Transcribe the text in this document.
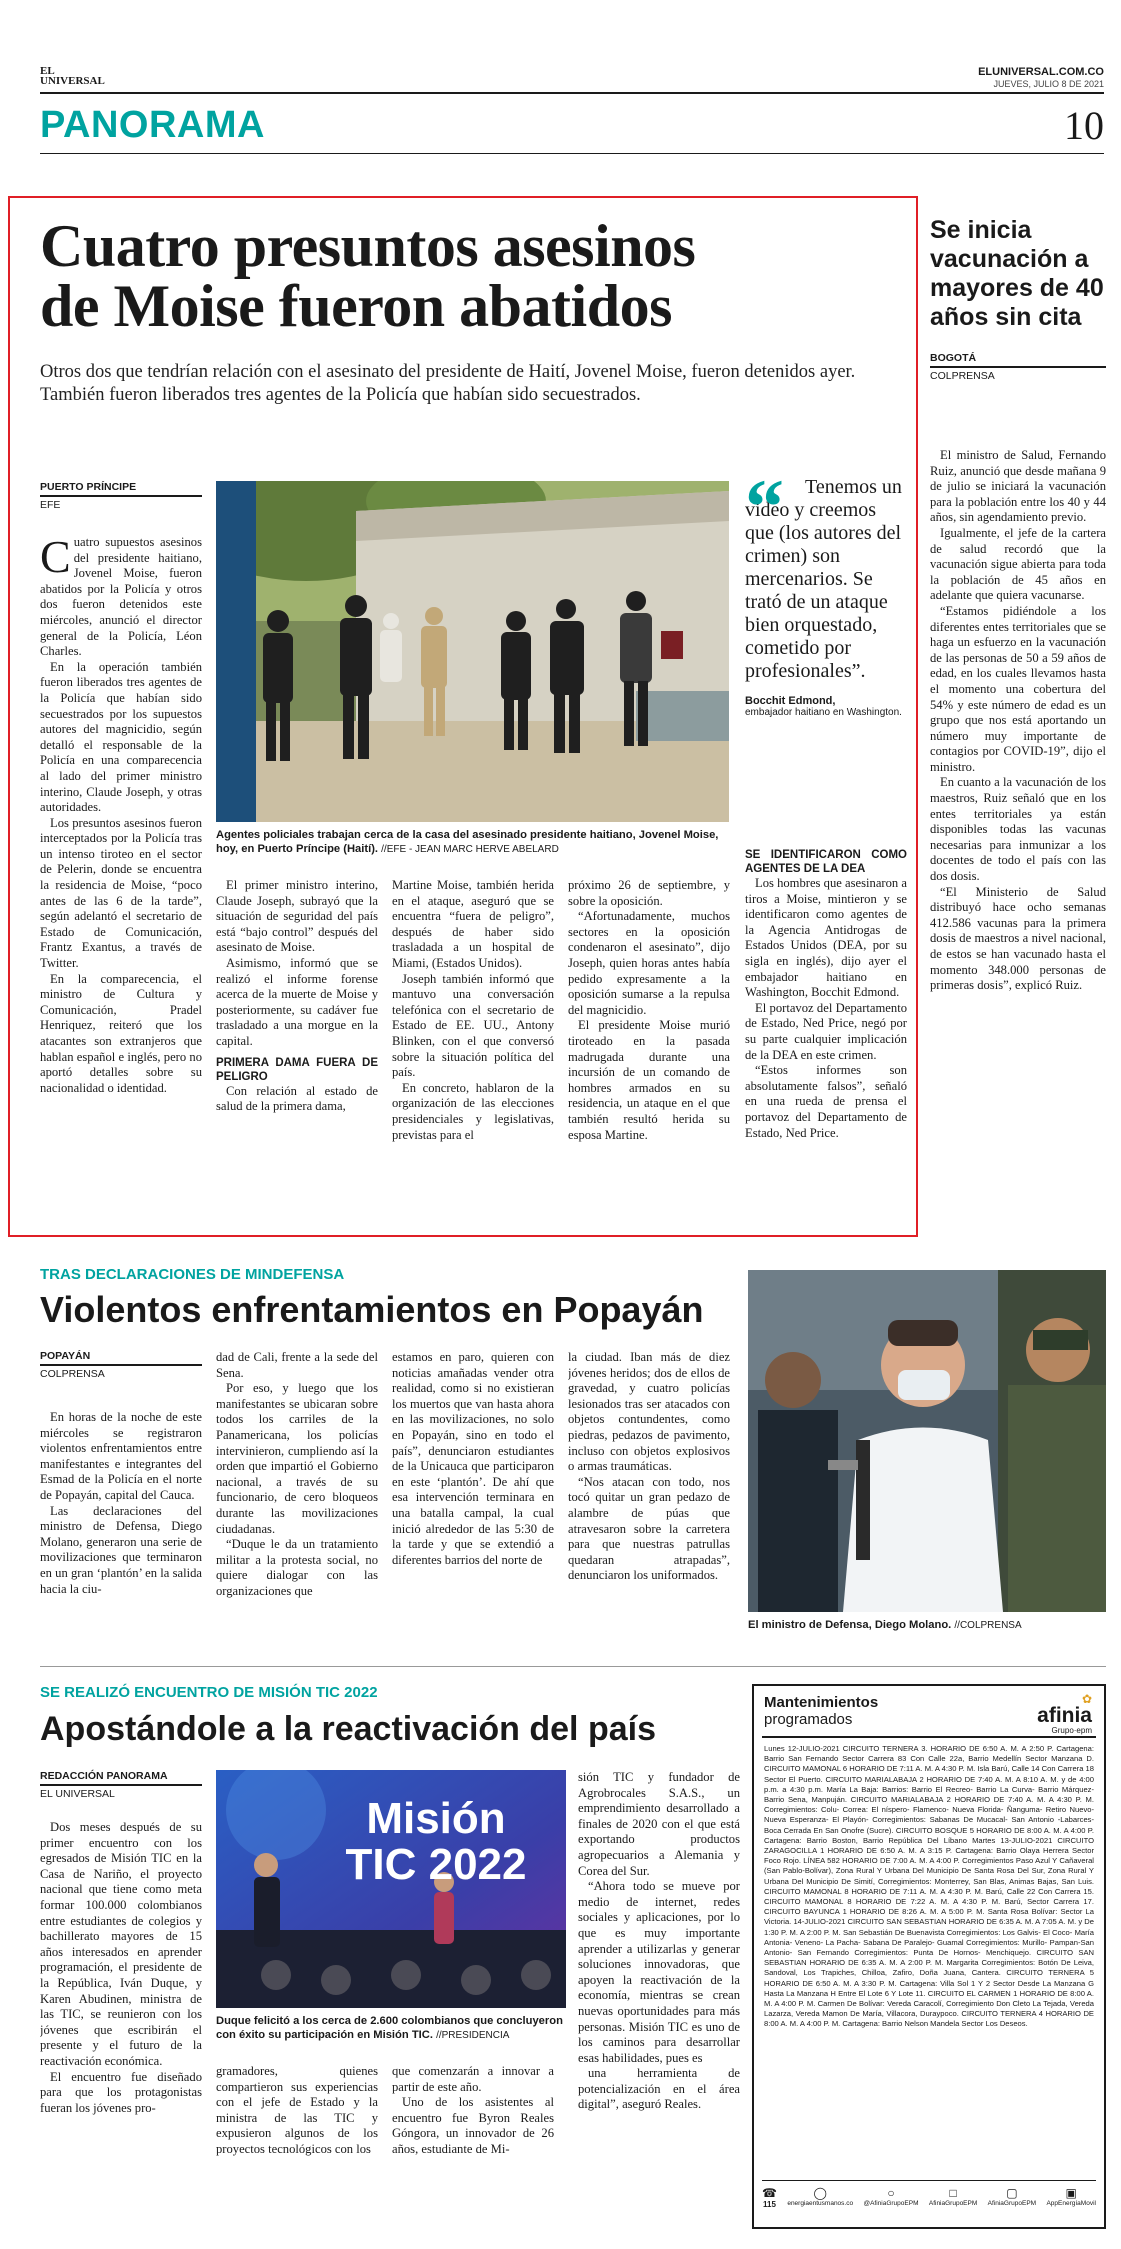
EL
UNIVERSAL
ELUNIVERSAL.COM.CO
JUEVES, JULIO 8 DE 2021
PANORAMA	10
Cuatro presuntos asesinos
de Moise fueron abatidos
Otros dos que tendrían relación con el asesinato del presidente de Haití, Jovenel Moise, fueron detenidos ayer. También fueron liberados tres agentes de la Policía que habían sido secuestrados.
PUERTO PRÍNCIPE
EFE

Cuatro supuestos asesinos del presidente haitiano, Jovenel Moise, fueron abatidos por la Policía y otros dos fueron detenidos este miércoles, anunció el director general de la Policía, Léon Charles.

En la operación también fueron liberados tres agentes de la Policía que habían sido secuestrados por los supuestos autores del magnicidio, según detalló el responsable de la Policía en una comparecencia al lado del primer ministro interino, Claude Joseph, y otras autoridades.

Los presuntos asesinos fueron interceptados por la Policía tras un intenso tiroteo en el sector de Pelerin, donde se encuentra la residencia de Moise, “poco antes de las 6 de la tarde”, según adelantó el secretario de Estado de Comunicación, Frantz Exantus, a través de Twitter.

En la comparecencia, el ministro de Cultura y Comunicación, Pradel Henriquez, reiteró que los atacantes son extranjeros que hablan español e inglés, pero no aportó detalles sobre su nacionalidad o identidad.

Agentes policiales trabajan cerca de la casa del asesinado presidente haitiano, Jovenel Moise, hoy, en Puerto Príncipe (Haití). //EFE - JEAN MARC HERVE ABELARD

El primer ministro interino, Claude Joseph, subrayó que la situación de seguridad del país está “bajo control” después del asesinato de Moise.

Asimismo, informó que se realizó el informe forense acerca de la muerte de Moise y posteriormente, su cadáver fue trasladado a una morgue en la capital.

PRIMERA DAMA FUERA DE PELIGRO

Con relación al estado de salud de la primera dama,

Martine Moise, también herida en el ataque, aseguró que se encuentra “fuera de peligro”, después de haber sido trasladada a un hospital de Miami, (Estados Unidos).

Joseph también informó que mantuvo una conversación telefónica con el secretario de Estado de EE. UU., Antony Blinken, con el que conversó sobre la situación política del país.

En concreto, hablaron de la organización de las elecciones presidenciales y legislativas, previstas para el

próximo 26 de septiembre, y sobre la oposición.

“Afortunadamente, muchos sectores en la oposición condenaron el asesinato”, dijo Joseph, quien horas antes había pedido expresamente a la oposición sumarse a la repulsa del magnicidio.

El presidente Moise murió tiroteado en la pasada madrugada durante una incursión de un comando de hombres armados en su residencia, un ataque en el que también resultó herida su esposa Martine.

“	Tenemos un video y creemos que (los autores del crimen) son mercenarios. Se trató de un ataque bien orquestado, cometido por profesionales”.
Bocchit Edmond,
embajador haitiano en Washington.

SE IDENTIFICARON COMO AGENTES DE LA DEA

Los hombres que asesinaron a tiros a Moise, mintieron y se identificaron como agentes de la Agencia Antidrogas de Estados Unidos (DEA, por su sigla en inglés), dijo ayer el embajador haitiano en Washington, Bocchit Edmond.

El portavoz del Departamento de Estado, Ned Price, negó por su parte cualquier implicación de la DEA en este crimen.

“Estos informes son absolutamente falsos”, señaló en una rueda de prensa el portavoz del Departamento de Estado, Ned Price.

Se inicia vacunación a mayores de 40 años sin cita
BOGOTÁ
COLPRENSA

El ministro de Salud, Fernando Ruiz, anunció que desde mañana 9 de julio se iniciará la vacunación para la población entre los 40 y 44 años, sin agendamiento previo.

Igualmente, el jefe de la cartera de salud recordó que la vacunación sigue abierta para toda la población de 45 años en adelante que quiera vacunarse.

“Estamos pidiéndole a los diferentes entes territoriales que se haga un esfuerzo en la vacunación de las personas de 50 a 59 años de edad, en los cuales llevamos hasta el momento una cobertura del 54% y este número de edad es un grupo que nos está aportando un número muy importante de contagios por COVID-19”, dijo el ministro.

En cuanto a la vacunación de los maestros, Ruiz señaló que en los entes territoriales ya están disponibles todas las vacunas necesarias para inmunizar a los docentes de todo el país con las dos dosis.

“El Ministerio de Salud distribuyó hace ocho semanas 412.586 vacunas para la primera dosis de maestros a nivel nacional, de estos se han vacunado hasta el momento 348.000 personas de primeras dosis”, explicó Ruiz.

TRAS DECLARACIONES DE MINDEFENSA
Violentos enfrentamientos en Popayán
POPAYÁN
COLPRENSA

En horas de la noche de este miércoles se registraron violentos enfrentamientos entre manifestantes e integrantes del Esmad de la Policía en el norte de Popayán, capital del Cauca.

Las declaraciones del ministro de Defensa, Diego Molano, generaron una serie de movilizaciones que terminaron en un gran ‘plantón’ en la salida hacia la ciu-

dad de Cali, frente a la sede del Sena.

Por eso, y luego que los manifestantes se ubicaran sobre todos los carriles de la Panamericana, los policías intervinieron, cumpliendo así la orden que impartió el Gobierno nacional, a través de su funcionario, de cero bloqueos durante las movilizaciones ciudadanas.

“Duque le da un tratamiento militar a la protesta social, no quiere dialogar con las organizaciones que

estamos en paro, quieren con noticias amañadas vender otra realidad, como si no existieran los muertos que van hasta ahora en las movilizaciones, no solo en Popayán, sino en todo el país”, denunciaron estudiantes de la Unicauca que participaron en este ‘plantón’. De ahí que esa intervención terminara en una batalla campal, la cual inició alrededor de las 5:30 de la tarde y que se extendió a diferentes barrios del norte de

la ciudad. Iban más de diez jóvenes heridos; dos de ellos de gravedad, y cuatro policías lesionados tras ser atacados con objetos contundentes, como piedras, pedazos de pavimento, incluso con objetos explosivos o armas traumáticas.

“Nos atacan con todo, nos tocó quitar un gran pedazo de alambre de púas que atravesaron sobre la carretera para que nuestras patrullas quedaran atrapadas”, denunciaron los uniformados.

El ministro de Defensa, Diego Molano. //COLPRENSA
SE REALIZÓ ENCUENTRO DE MISIÓN TIC 2022
Apostándole a la reactivación del país
REDACCIÓN PANORAMA
EL UNIVERSAL

Dos meses después de su primer encuentro con los egresados de Misión TIC en la Casa de Nariño, el proyecto nacional que tiene como meta formar 100.000 colombianos entre estudiantes de colegios y bachillerato mayores de 15 años interesados en aprender programación, el presidente de la República, Iván Duque, y Karen Abudinen, ministra de las TIC, se reunieron con los jóvenes que escribirán el presente y el futuro de la reactivación económica.

El encuentro fue diseñado para que los protagonistas fueran los jóvenes pro-

Misión TIC 2022
Duque felicitó a los cerca de 2.600 colombianos que concluyeron con éxito su participación en Misión TIC. //PRESIDENCIA

gramadores, quienes compartieron sus experiencias con el jefe de Estado y la ministra de las TIC y expusieron algunos de los proyectos tecnológicos con los

que comenzarán a innovar a partir de este año.

Uno de los asistentes al encuentro fue Byron Reales Góngora, un innovador de 26 años, estudiante de Mi-

sión TIC y fundador de Agrobrocales S.A.S., un emprendimiento desarrollado a finales de 2020 con el que está exportando productos agropecuarios a Alemania y Corea del Sur.

“Ahora todo se mueve por medio de internet, redes sociales y aplicaciones, por lo que es muy importante aprender a utilizarlas y generar soluciones innovadoras, que apoyen la reactivación de la economía, mientras se crean nuevas oportunidades para más personas. Misión TIC es uno de los caminos para desarrollar esas habilidades, pues es

una herramienta de potencialización en el área digital”, aseguró Reales.

Mantenimientos
programados
✿
afinia
Grupo·epm
Lunes 12-JULIO-2021 CIRCUITO TERNERA 3. HORARIO DE 6:50 A. M. A 2:50 P. Cartagena: Barrio San Fernando Sector Carrera 83 Con Calle 22a, Barrio Medellín Sector Manzana D. CIRCUITO MAMONAL 6 HORARIO DE 7:11 A. M. A 4:30 P. M. Isla Barú, Calle 14 Con Carrera 18 Sector El Puerto. CIRCUITO MARIALABAJA 2 HORARIO DE 7:40 A. M. A 8:10 A. M. y de 4:00 p.m. a 4:30 p.m. María La Baja: Barrios: Barrio El Recreo- Barrio La Curva- Barrio Márquez- Barrio Sena, Manpuján. CIRCUITO MARIALABAJA 2 HORARIO DE 7:40 A. M. A 4:30 P. M. Corregimientos: Colu- Correa: El níspero- Flamenco- Nueva Florida- Ñanguma- Retiro Nuevo- Nueva Esperanza- El Playón- Corregimientos: Sabanas De Mucacal- San Antonio -Labarces- Boca Cerrada En San Onofre (Sucre). CIRCUITO BOSQUE 5 HORARIO DE 8:00 A. M. A 4:00 P. Cartagena: Barrio Boston, Barrio República Del Líbano Martes 13-JULIO-2021 CIRCUITO ZARAGOCILLA 1 HORARIO DE 6:50 A. M. A 3:15 P. Cartagena: Barrio Olaya Herrera Sector Foco Rojo. LÍNEA 582 HORARIO DE 7:00 A. M. A 4:00 P. Corregimientos Paso Azul Y Cañaveral (San Pablo-Bolívar), Zona Rural Y Urbana Del Municipio De Santa Rosa Del Sur, Zona Rural Y Urbana Del Municipio De Simití, Corregimientos: Monterrey, San Blas, Animas Bajas, San Luis. CIRCUITO MAMONAL 8 HORARIO DE 7:11 A. M. A 4:30 P. M. Barú, Calle 22 Con Carrera 15. CIRCUITO MAMONAL 8 HORARIO DE 7:22 A. M. A 4:30 P. M. Barú, Sector Carrera 17. CIRCUITO BAYUNCA 1 HORARIO DE 8:26 A. M. A 5:00 P. M. Santa Rosa Bolívar: Sector La Victoria. 14-JULIO-2021 CIRCUITO SAN SEBASTIAN HORARIO DE 6:35 A. M. A 7:05 A. M. y De 1:30 P. M. A 2:00 P. M. San Sebastián De Buenavista Corregimientos: Los Galvis- El Coco- María Antonia- Veneno- La Pacha- Sabana De Paralejo- Guamal Corregimientos: Murillo- Pampan-San Antonio- San Fernando Corregimientos: Punta De Hornos- Menchiquejo. CIRCUITO SAN SEBASTIAN HORARIO DE 6:35 A. M. A 2:00 P. M. Margarita Corregimientos: Botón De Leiva, Sandoval, Los Trapiches, Chilloa, Zafiro, Doña Juana, Cantera. CIRCUITO TERNERA 5 HORARIO DE 6:50 A. M. A 3:30 P. M. Cartagena: Villa Sol 1 Y 2 Sector Desde La Manzana G Hasta La Manzana H Entre El Lote 6 Y Lote 11. CIRCUITO EL CARMEN 1 HORARIO DE 8:00 A. M. A 4:00 P. M. Carmen De Bolívar: Vereda Caracolí, Corregimiento Don Cleto La Tejada, Vereda Lazarza, Vereda Mamon De María, Villacora, Duraypoco. CIRCUITO TERNERA 4 HORARIO DE 8:00 A. M. A 4:00 P. M. Cartagena: Barrio Nelson Mandela Sector Los Deseos.
☎
115
◯
energiaentusmanos.co
○
@AfiniaGrupoEPM
□
AfiniaGrupoEPM
▢
AfiniaGrupoEPM
▣
AppEnergíaMovil
